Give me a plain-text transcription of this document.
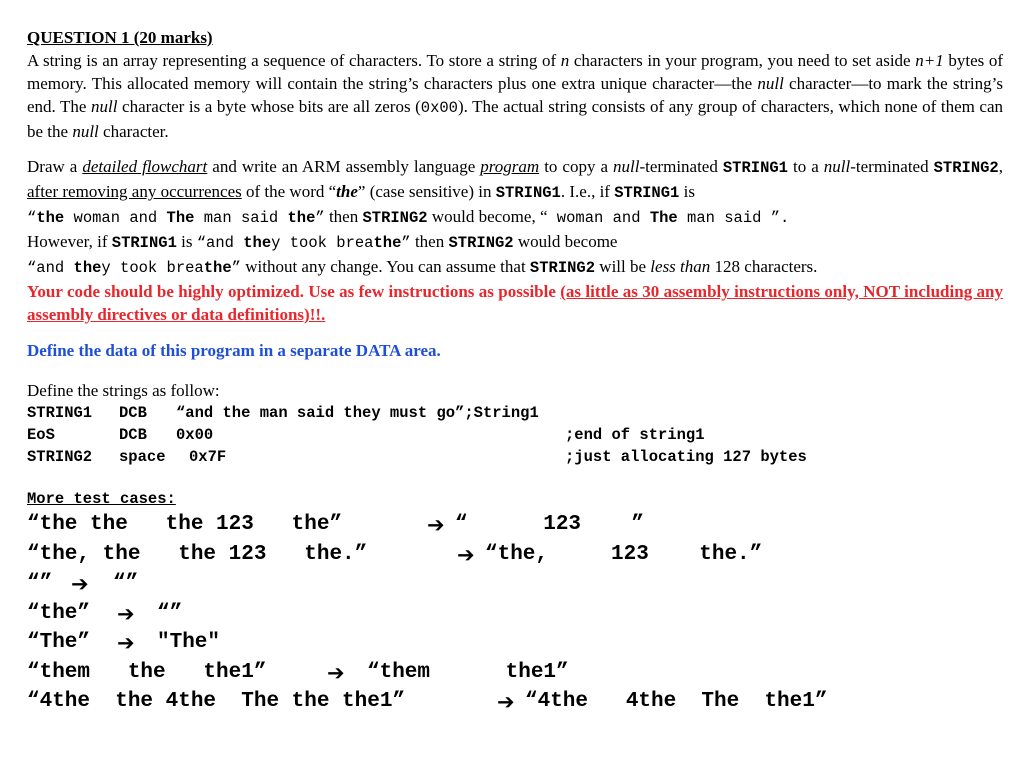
QUESTION 1 (20 marks)
A string is an array representing a sequence of characters. To store a string of n characters in your program, you need to set aside n+1 bytes of memory. This allocated memory will contain the string’s characters plus one extra unique character—the null character—to mark the string’s end. The null character is a byte whose bits are all zeros (0x00). The actual string consists of any group of characters, which none of them can be the null character.
Draw a detailed flowchart and write an ARM assembly language program to copy a null-terminated STRING1 to a null-terminated STRING2, after removing any occurrences of the word “the” (case sensitive) in STRING1. I.e., if STRING1 is
“the woman and The man said the” then STRING2 would become, “ woman and The man said ”.
However, if STRING1 is “and they took breathe” then STRING2 would become
“and they took breathe” without any change. You can assume that STRING2 will be less than 128 characters.
Your code should be highly optimized. Use as few instructions as possible (as little as 30 assembly instructions only, NOT including any assembly directives or data definitions)!!.
Define the data of this program in a separate DATA area.
Define the strings as follow:
STRING1 DCB “and the man said they must go”;String1
EoS	DCB 0x00	;end of string1
STRING2 space 0x7F	;just allocating 127 bytes
More test cases:
“the the   the 123   the”	➔ “      123    ”
“the, the   the 123   the.”	➔ “the,     123    the.”
“” ➔ “”
“the” ➔ “”
“The” ➔ "The"
“them   the   the1”	➔ “them      the1”
“4the  the 4the  The the the1”	➔ “4the   4the  The  the1”
